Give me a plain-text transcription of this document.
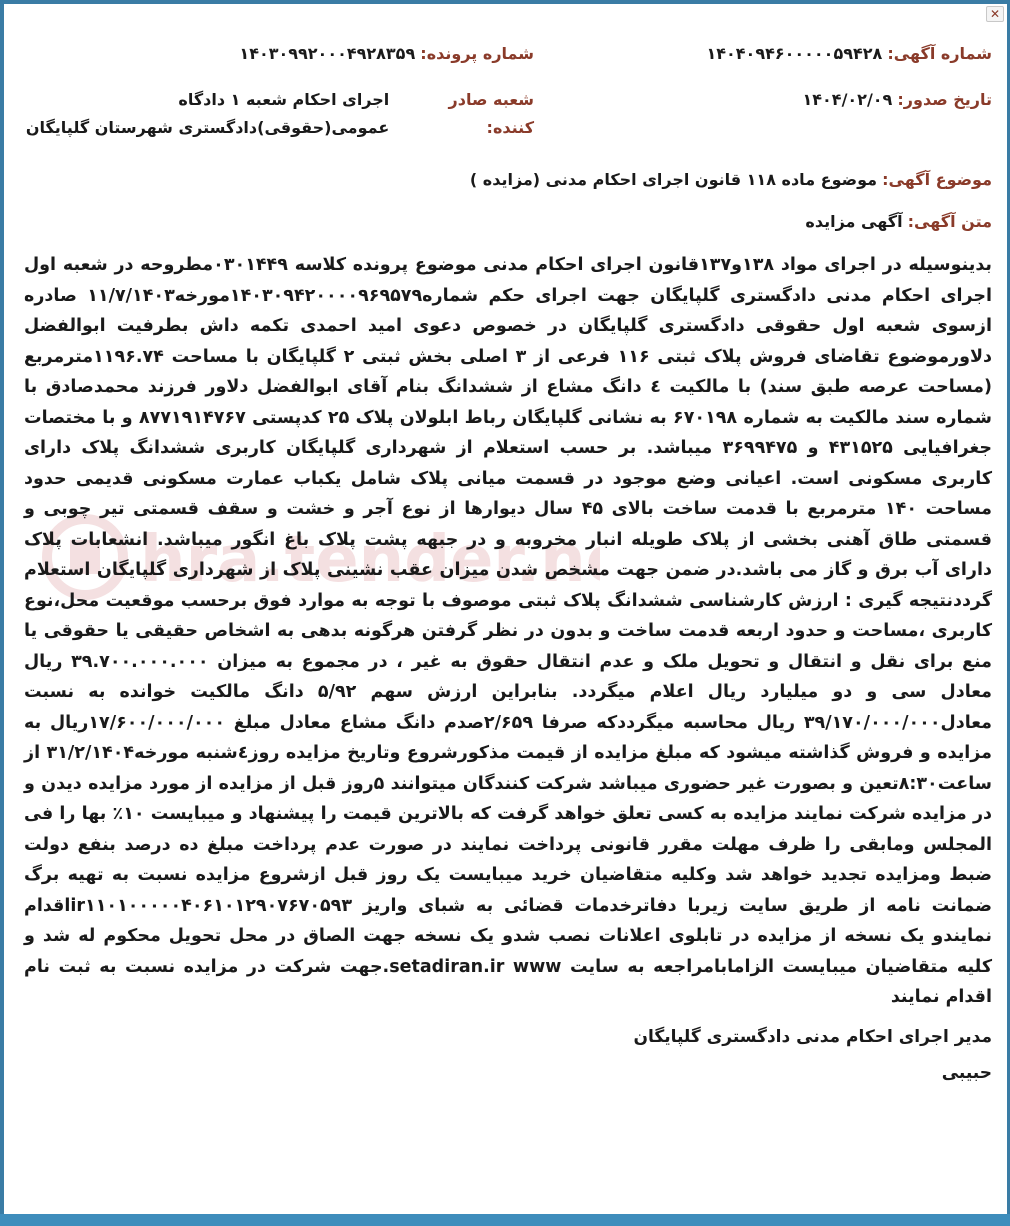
✕
hra.tender.n
شماره آگهی: ۱۴۰۴۰۹۴۶۰۰۰۰۰۵۹۴۲۸
شماره پرونده: ۱۴۰۳۰۹۹۲۰۰۰۴۹۲۸۳۵۹
تاریخ صدور: ۱۴۰۴/۰۲/۰۹
شعبه صادر کننده:
اجرای احکام شعبه ۱ دادگاه عمومی(حقوقی)دادگستری شهرستان گلپایگان
موضوع آگهی: موضوع ماده ۱۱۸ قانون اجرای احکام مدنی (مزایده )
متن آگهی: آگهی مزایده
بدینوسیله در اجرای مواد ۱۳۸و۱۳۷قانون اجرای احکام مدنی موضوع پرونده کلاسه ۰۳۰۱۴۴۹مطروحه در شعبه اول اجرای احکام مدنی دادگستری گلپایگان جهت اجرای حکم شماره۱۴۰۳۰۹۴۲۰۰۰۰۹۶۹۵۷۹مورخه۱۱/۷/۱۴۰۳ صادره ازسوی شعبه اول حقوقی دادگستری گلپایگان در خصوص دعوی امید احمدی تکمه داش بطرفیت ابوالفضل دلاورموضوع تقاضای فروش پلاک ثبتی ۱۱۶ فرعی از ۳ اصلی بخش ثبتی ۲ گلپایگان با مساحت ۱۱۹۶.۷۴مترمربع (مساحت عرصه طبق سند) با مالکیت ٤ دانگ مشاع از ششدانگ بنام آقای ابوالفضل دلاور فرزند محمدصادق با شماره سند مالکیت به شماره ۶۷۰۱۹۸ به نشانی گلپایگان رباط ابلولان پلاک ۲۵ کدپستی ۸۷۷۱۹۱۴۷۶۷ و با مختصات جغرافیایی ۴۳۱۵۲۵ و ۳۶۹۹۴۷۵ میباشد. بر حسب استعلام از شهرداری گلپایگان کاربری ششدانگ پلاک دارای کاربری مسکونی است. اعیانی وضع موجود در قسمت میانی پلاک شامل یکباب عمارت مسکونی قدیمی حدود مساحت ۱۴۰ مترمربع با قدمت ساخت بالای ۴۵ سال دیوارها از نوع آجر و خشت و سقف قسمتی تیر چوبی و قسمتی طاق آهنی بخشی از پلاک طویله انبار مخروبه و در جبهه پشت پلاک باغ انگور میباشد. انشعابات پلاک دارای آب برق و گاز می باشد.در ضمن جهت مشخص شدن میزان عقب نشینی پلاک از شهرداری گلپایگان استعلام گرددنتیجه گیری : ارزش کارشناسی ششدانگ پلاک ثبتی موصوف با توجه به موارد فوق برحسب موقعیت محل،نوع کاربری ،مساحت و حدود اربعه قدمت ساخت و بدون در نظر گرفتن هرگونه بدهی به اشخاص حقیقی یا حقوقی یا منع برای نقل و انتقال و تحویل ملک و عدم انتقال حقوق به غیر ، در مجموع به میزان ۳۹.۷۰۰.۰۰۰.۰۰۰ ریال معادل سی و دو میلیارد ریال اعلام میگردد. بنابراین ارزش سهم ۵/۹۲ دانگ مالکیت خوانده به نسبت معادل۳۹/۱۷۰/۰۰۰/۰۰۰ ریال محاسبه میگرددکه صرفا ۲/۶۵۹صدم دانگ مشاع معادل مبلغ ۱۷/۶۰۰/۰۰۰/۰۰۰ریال به مزایده و فروش گذاشته میشود که مبلغ مزایده از قیمت مذکورشروع وتاریخ مزایده روز٤شنبه مورخه۳۱/۲/۱۴۰۴ از ساعت۸:۳۰تعین و بصورت غیر حضوری میباشد شرکت کنندگان میتوانند ۵روز قبل از مزایده از مورد مزایده دیدن و در مزایده شرکت نمایند مزایده به کسی تعلق خواهد گرفت که بالاترین قیمت را پیشنهاد و میبایست ۱۰٪ بها را فی المجلس ومابقی را ظرف مهلت مقرر قانونی پرداخت نمایند در صورت عدم پرداخت مبلغ ده درصد بنفع دولت ضبط ومزایده تجدید خواهد شد وکلیه متقاضیان خرید میبایست یک روز قبل ازشروع مزایده نسبت به تهیه برگ ضمانت نامه از طریق سایت زیربا دفاترخدمات قضائی به شبای واریز ir۱۱۰۱۰۰۰۰۰۴۰۶۱۰۱۲۹۰۷۶۷۰۵۹۳اقدام نمایندو یک نسخه از مزایده در تابلوی اعلانات نصب شدو یک نسخه جهت الصاق در محل تحویل محکوم له شد و کلیه متقاضیان میبایست الزامابامراجعه به سایت setadiran.ir www.جهت شرکت در مزایده نسبت به ثبت نام اقدام نمایند
مدیر اجرای احکام مدنی دادگستری گلپایگان
حبیبی
